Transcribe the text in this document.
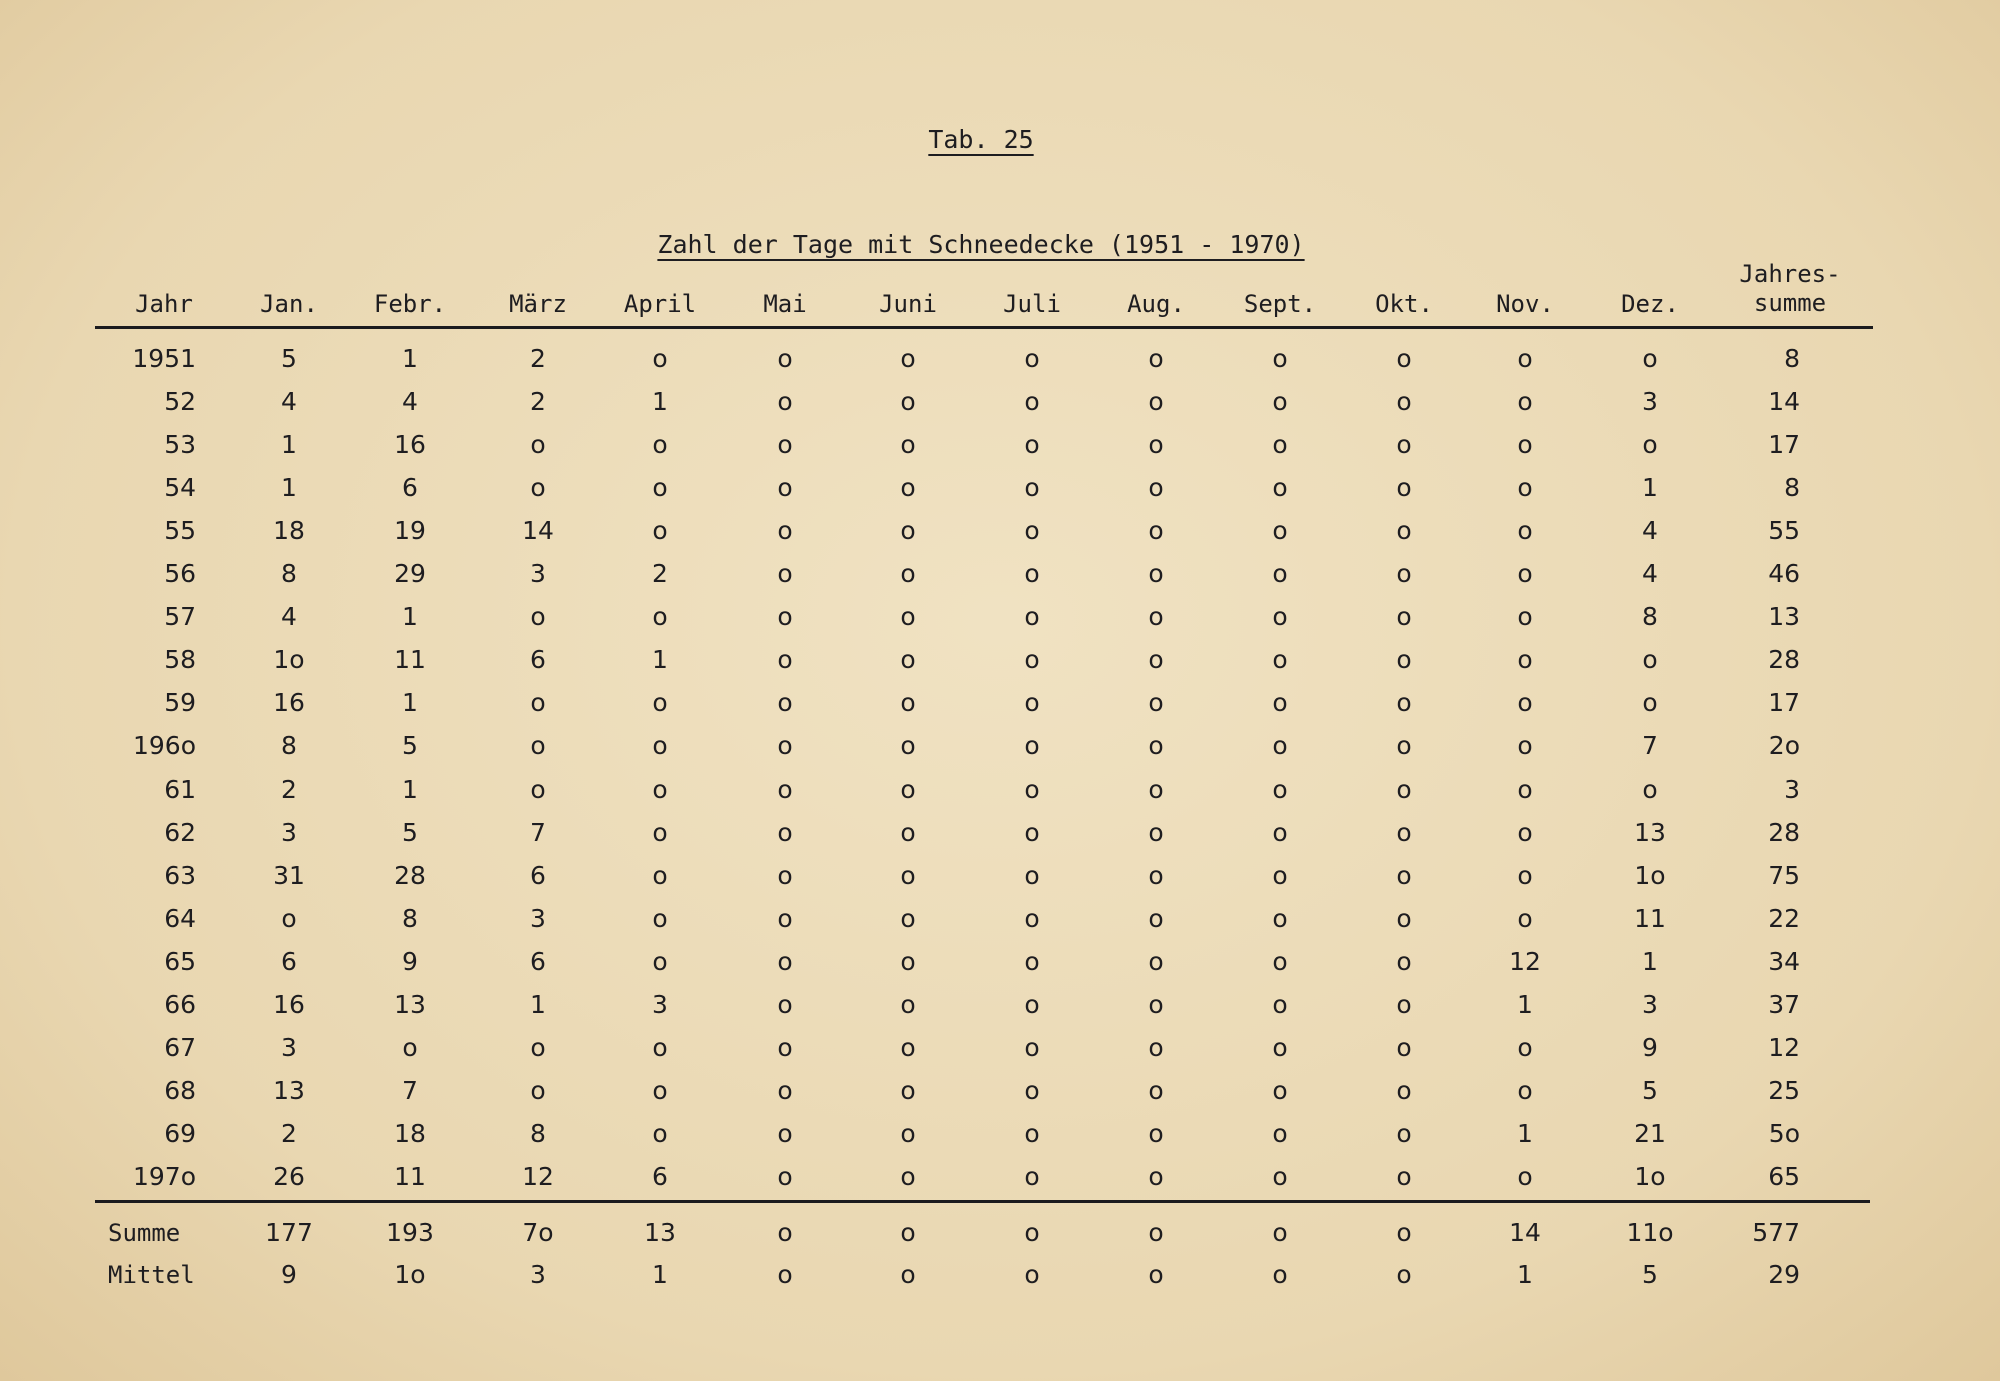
Tab. 25
Zahl der Tage mit Schneedecke (1951 - 1970)
Jahr	Jan.	Febr.	März	April	Mai	Juni	Juli	Aug.	Sept.	Okt.	Nov.	Dez.
Jahres-
summe
1951	5	1	2	o	o	o	o	o	o	o	o	o	8
52	4	4	2	1	o	o	o	o	o	o	o	3	14
53	1	16	o	o	o	o	o	o	o	o	o	o	17
54	1	6	o	o	o	o	o	o	o	o	o	1	8
55	18	19	14	o	o	o	o	o	o	o	o	4	55
56	8	29	3	2	o	o	o	o	o	o	o	4	46
57	4	1	o	o	o	o	o	o	o	o	o	8	13
58	1o	11	6	1	o	o	o	o	o	o	o	o	28
59	16	1	o	o	o	o	o	o	o	o	o	o	17
196o	8	5	o	o	o	o	o	o	o	o	o	7	2o
61	2	1	o	o	o	o	o	o	o	o	o	o	3
62	3	5	7	o	o	o	o	o	o	o	o	13	28
63	31	28	6	o	o	o	o	o	o	o	o	1o	75
64	o	8	3	o	o	o	o	o	o	o	o	11	22
65	6	9	6	o	o	o	o	o	o	o	12	1	34
66	16	13	1	3	o	o	o	o	o	o	1	3	37
67	3	o	o	o	o	o	o	o	o	o	o	9	12
68	13	7	o	o	o	o	o	o	o	o	o	5	25
69	2	18	8	o	o	o	o	o	o	o	1	21	5o
197o	26	11	12	6	o	o	o	o	o	o	o	1o	65
Summe	177	193	7o	13	o	o	o	o	o	o	14	11o	577
Mittel	9	1o	3	1	o	o	o	o	o	o	1	5	29
